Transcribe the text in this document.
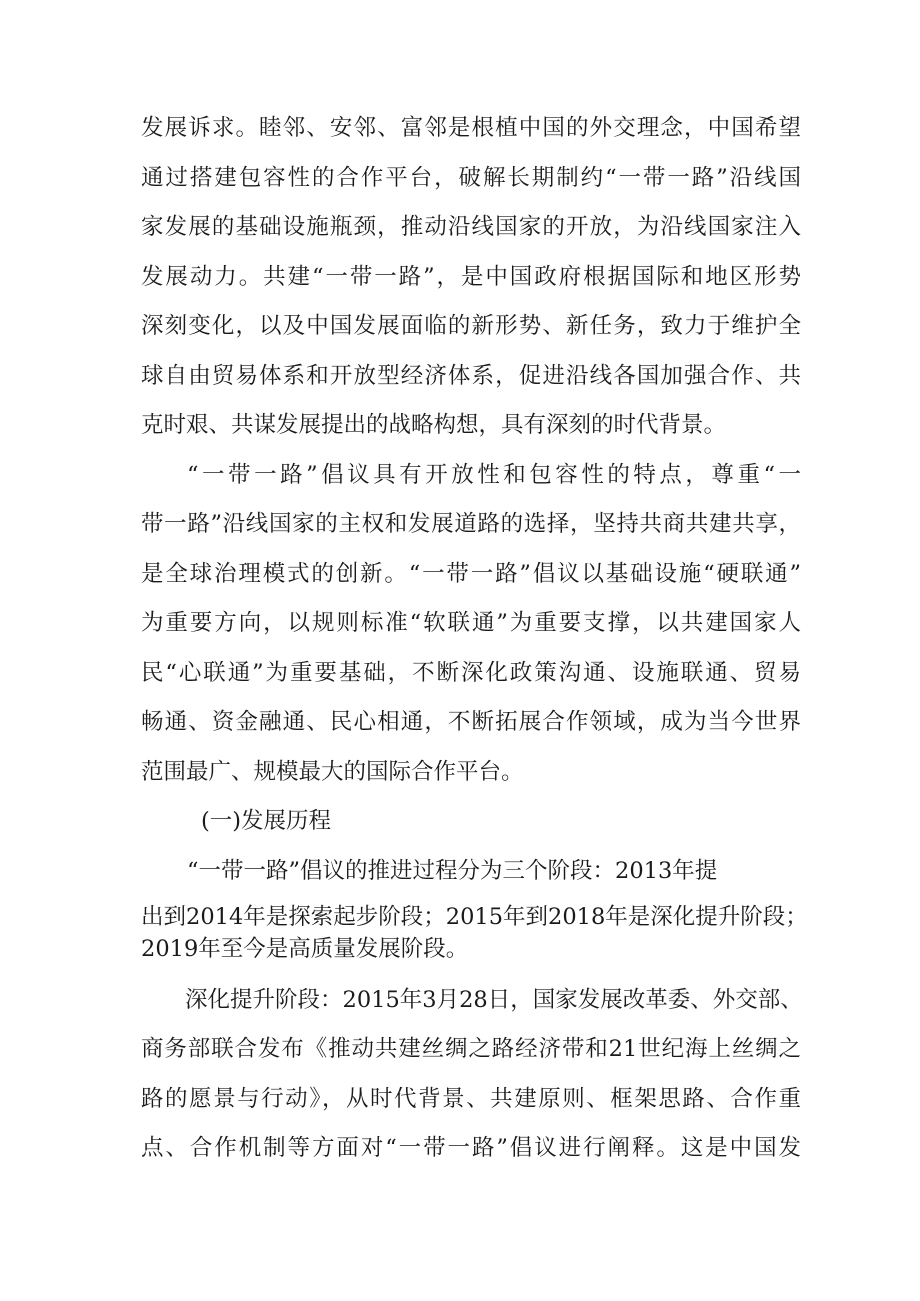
发展诉求。睦邻、安邻、富邻是根植中国的外交理念，中国希望

通过搭建包容性的合作平台，破解长期制约“一带一路”沿线国

家发展的基础设施瓶颈，推动沿线国家的开放，为沿线国家注入

发展动力。共建“一带一路”，是中国政府根据国际和地区形势

深刻变化，以及中国发展面临的新形势、新任务，致力于维护全

球自由贸易体系和开放型经济体系，促进沿线各国加强合作、共

克时艰、共谋发展提出的战略构想，具有深刻的时代背景。

“一带一路”倡议具有开放性和包容性的特点，尊重“一

带一路”沿线国家的主权和发展道路的选择，坚持共商共建共享，

是全球治理模式的创新。“一带一路”倡议以基础设施“硬联通”

为重要方向，以规则标准“软联通”为重要支撑，以共建国家人

民“心联通”为重要基础，不断深化政策沟通、设施联通、贸易

畅通、资金融通、民心相通，不断拓展合作领域，成为当今世界

范围最广、规模最大的国际合作平台。

(一)发展历程

“一带一路”倡议的推进过程分为三个阶段：2013年提

出到2014年是探索起步阶段；2015年到2018年是深化提升阶段；

2019年至今是高质量发展阶段。

深化提升阶段：2015年3月28日，国家发展改革委、外交部、

商务部联合发布《推动共建丝绸之路经济带和21世纪海上丝绸之

路的愿景与行动》，从时代背景、共建原则、框架思路、合作重

点、合作机制等方面对“一带一路”倡议进行阐释。这是中国发
